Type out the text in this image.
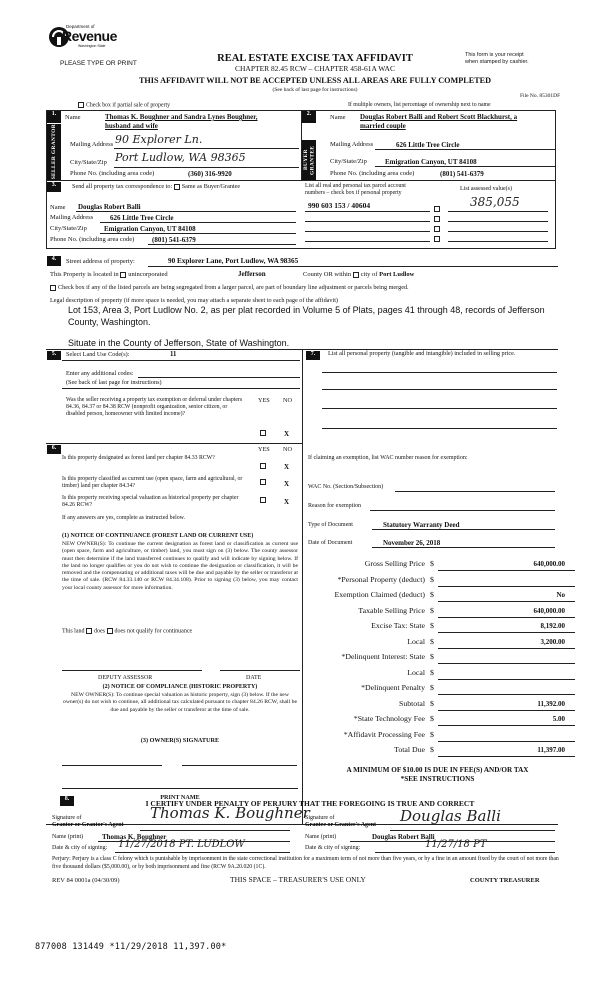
Department of
Revenue
Washington State
PLEASE TYPE OR PRINT	REAL ESTATE EXCISE TAX AFFIDAVIT
CHAPTER 82.45 RCW – CHAPTER 458-61A WAC
This form is your receipt
when stamped by cashier.
THIS AFFIDAVIT WILL NOT BE ACCEPTED UNLESS ALL AREAS ARE FULLY COMPLETED
(See back of last page for instructions)
File No. 85301DF
Check box if partial sale of property	If multiple owners, list percentage of ownership next to name
1.
SELLER GRANTOR
Name	Thomas K. Boughner and Sandra Lynes Boughner,
husband and wife
Mailing Address 90 Explorer Ln.
City/State/Zip Port Ludlow, WA 98365
Phone No. (including area code)	(360) 316-9920
2.
BUYER GRANTEE
Name Douglas Robert Balli and Robert Scott Blackhurst, a
married couple
Mailing Address	626 Little Tree Circle
City/State/Zip	Emigration Canyon, UT 84108
Phone No. (including area code)	(801) 541-6379
3.	Send all property tax correspondence to: Same as Buyer/Grantee
Name Douglas Robert Balli
Mailing Address 626 Little Tree Circle
City/State/Zip Emigration Canyon, UT 84108
Phone No. (including area code)	(801) 541-6379
List all real and personal tax parcel account
numbers – check box if personal property
List assessed value(s)
990 603 153 / 40604	385,055
4.	Street address of property:	90 Explorer Lane, Port Ludlow, WA 98365
This Property is located in unincorporated	Jefferson	County OR within city of Port Ludlow
Check box if any of the listed parcels are being segregated from a larger parcel, are part of boundary line adjustment or parcels being merged.
Legal description of property (if more space is needed, you may attach a separate sheet to each page of the affidavit)
Lot 153, Area 3, Port Ludlow No. 2, as per plat recorded in Volume 5 of Plats, pages 41 through 48, records of Jefferson County, Washington.
Situate in the County of Jefferson, State of Washington.
5.	Select Land Use Code(s):	11
Enter any additional codes:
(See back of last page for instructions)
Was the seller receiving a property tax exemption or deferral under chapters 84.36, 84.37 or 84.38 RCW (nonprofit organization, senior citizen, or disabled person, homeowner with limited income)?
YES NO
X
7.	List all personal property (tangible and intangible) included in selling price.
6.	YES NO
Is this property designated as forest land per chapter 84.33 RCW?
X
Is this property classified as current use (open space, farm and agricultural, or timber) land per chapter 84.34?	X
Is this property receiving special valuation as historical property per chapter 84.26 RCW?	X
If any answers are yes, complete as instructed below.
(1) NOTICE OF CONTINUANCE (FOREST LAND OR CURRENT USE)
NEW OWNER(S): To continue the current designation as forest land or classification as current use (open space, farm and agriculture, or timber) land, you must sign on (3) below. The county assessor must then determine if the land transferred continues to qualify and will indicate by signing below. If the land no longer qualifies or you do not wish to continue the designation or classification, it will be removed and the compensating or additional taxes will be due and payable by the seller or transferor at the time of sale. (RCW 84.33.140 or RCW 84.34.108). Prior to signing (3) below, you may contact your local county assessor for more information.
This land does does not qualify for continuance
DEPUTY ASSESSOR	DATE
(2) NOTICE OF COMPLIANCE (HISTORIC PROPERTY)
NEW OWNER(S): To continue special valuation as historic property, sign (3) below. If the new owner(s) do not wish to continue, all additional tax calculated pursuant to chapter 84.26 RCW, shall be due and payable by the seller or transferor at the time of sale.
(3) OWNER(S) SIGNATURE
PRINT NAME
If claiming an exemption, list WAC number reason for exemption:
WAC No. (Section/Subsection)
Reason for exemption
Type of Document	Statutory Warranty Deed
Date of Document	November 26, 2018
Gross Selling Price $	640,000.00
*Personal Property (deduct) $
Exemption Claimed (deduct) $	No
Taxable Selling Price $	640,000.00
Excise Tax: State $	8,192.00
Local $	3,200.00
*Delinquent Interest: State $
Local $
*Delinquent Penalty $
Subtotal $	11,392.00
*State Technology Fee $	5.00
*Affidavit Processing Fee $
Total Due $	11,397.00
A MINIMUM OF $10.00 IS DUE IN FEE(S) AND/OR TAX
*SEE INSTRUCTIONS
8.	I CERTIFY UNDER PENALTY OF PERJURY THAT THE FOREGOING IS TRUE AND CORRECT
Signature of
Grantor or Grantor's Agent
Thomas K. Boughner
Name (print)	Thomas K. Boughner
Date & city of signing: 11/27/2018 PT. LUDLOW
Signature of
Grantee or Grantee's Agent
Douglas Balli
Name (print)	Douglas Robert Balli
Date & city of signing:	11/27/18 PT
Perjury: Perjury is a class C felony which is punishable by imprisonment in the state correctional institution for a maximum term of not more than five years, or by a fine in an amount fixed by the court of not more than five thousand dollars ($5,000.00), or by both imprisonment and fine (RCW 9A.20.020 (1C).
REV 84 0001a (04/30/09)	THIS SPACE – TREASURER'S USE ONLY	COUNTY TREASURER
877008 131449 *11/29/2018 11,397.00*
